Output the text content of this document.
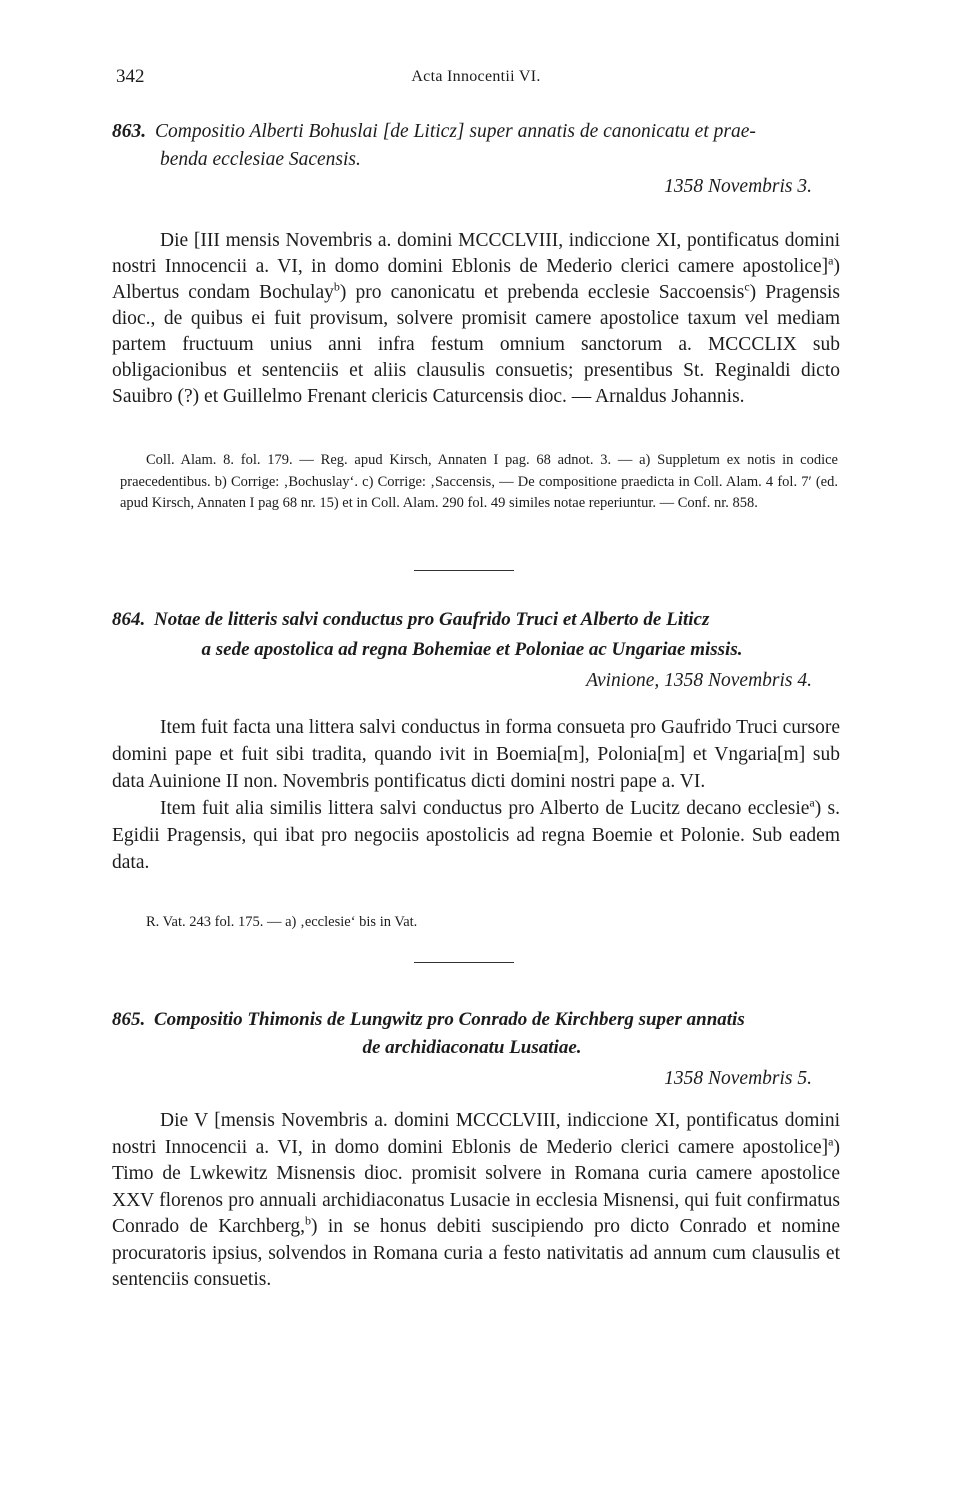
342	Acta Innocentii VI.
863. Compositio Alberti Bohuslai [de Liticz] super annatis de canonicatu et prae-
benda ecclesiae Sacensis.
1358 Novembris 3.

Die [III mensis Novembris a. domini MCCCLVIII, indiccione XI, pontificatus domini nostri Innocencii a. VI, in domo domini Eblonis de Mederio clerici camere apostolice]$^a$) Albertus condam Bochulay$^b$) pro canonicatu et prebenda ecclesie Saccoensis$^c$) Pragensis dioc., de quibus ei fuit provisum, solvere promisit camere apostolice taxum vel mediam partem fructuum unius anni infra festum omnium sanctorum a. MCCCLIX sub obligacionibus et sentenciis et aliis clausulis consuetis; presentibus St. Reginaldi dicto Sauibro (?) et Guillelmo Frenant clericis Caturcensis dioc. — Arnaldus Johannis.

Coll. Alam. 8. fol. 179. — Reg. apud Kirsch, Annaten I pag. 68 adnot. 3. — a) Suppletum ex notis in codice praecedentibus. b) Corrige: ‚Bochuslay‘. c) Corrige: ‚Saccensis, — De compositione praedicta in Coll. Alam. 4 fol. 7′ (ed. apud Kirsch, Annaten I pag 68 nr. 15) et in Coll. Alam. 290 fol. 49 similes notae reperiuntur. — Conf. nr. 858.

864. Notae de litteris salvi conductus pro Gaufrido Truci et Alberto de Liticz
a sede apostolica ad regna Bohemiae et Poloniae ac Ungariae missis.
Avinione, 1358 Novembris 4.

Item fuit facta una littera salvi conductus in forma consueta pro Gaufrido Truci cursore domini pape et fuit sibi tradita, quando ivit in Boemia[m], Polonia[m] et Vngaria[m] sub data Auinione II non. Novembris pontificatus dicti domini nostri pape a. VI.

Item fuit alia similis littera salvi conductus pro Alberto de Lucitz decano ecclesie$^a$) s. Egidii Pragensis, qui ibat pro negociis apostolicis ad regna Boemie et Polonie. Sub eadem data.

R. Vat. 243 fol. 175. — a) ‚ecclesie‘ bis in Vat.

865. Compositio Thimonis de Lungwitz pro Conrado de Kirchberg super annatis
de archidiaconatu Lusatiae.
1358 Novembris 5.

Die V [mensis Novembris a. domini MCCCLVIII, indiccione XI, pontificatus domini nostri Innocencii a. VI, in domo domini Eblonis de Mederio clerici camere apostolice]$^a$) Timo de Lwkewitz Misnensis dioc. promisit solvere in Romana curia camere apostolice XXV florenos pro annuali archidiaconatus Lusacie in ecclesia Misnensi, qui fuit confirmatus Conrado de Karchberg,$^b$) in se honus debiti suscipiendo pro dicto Conrado et nomine procuratoris ipsius, solvendos in Romana curia a festo nativitatis ad annum cum clausulis et sentenciis consuetis.
